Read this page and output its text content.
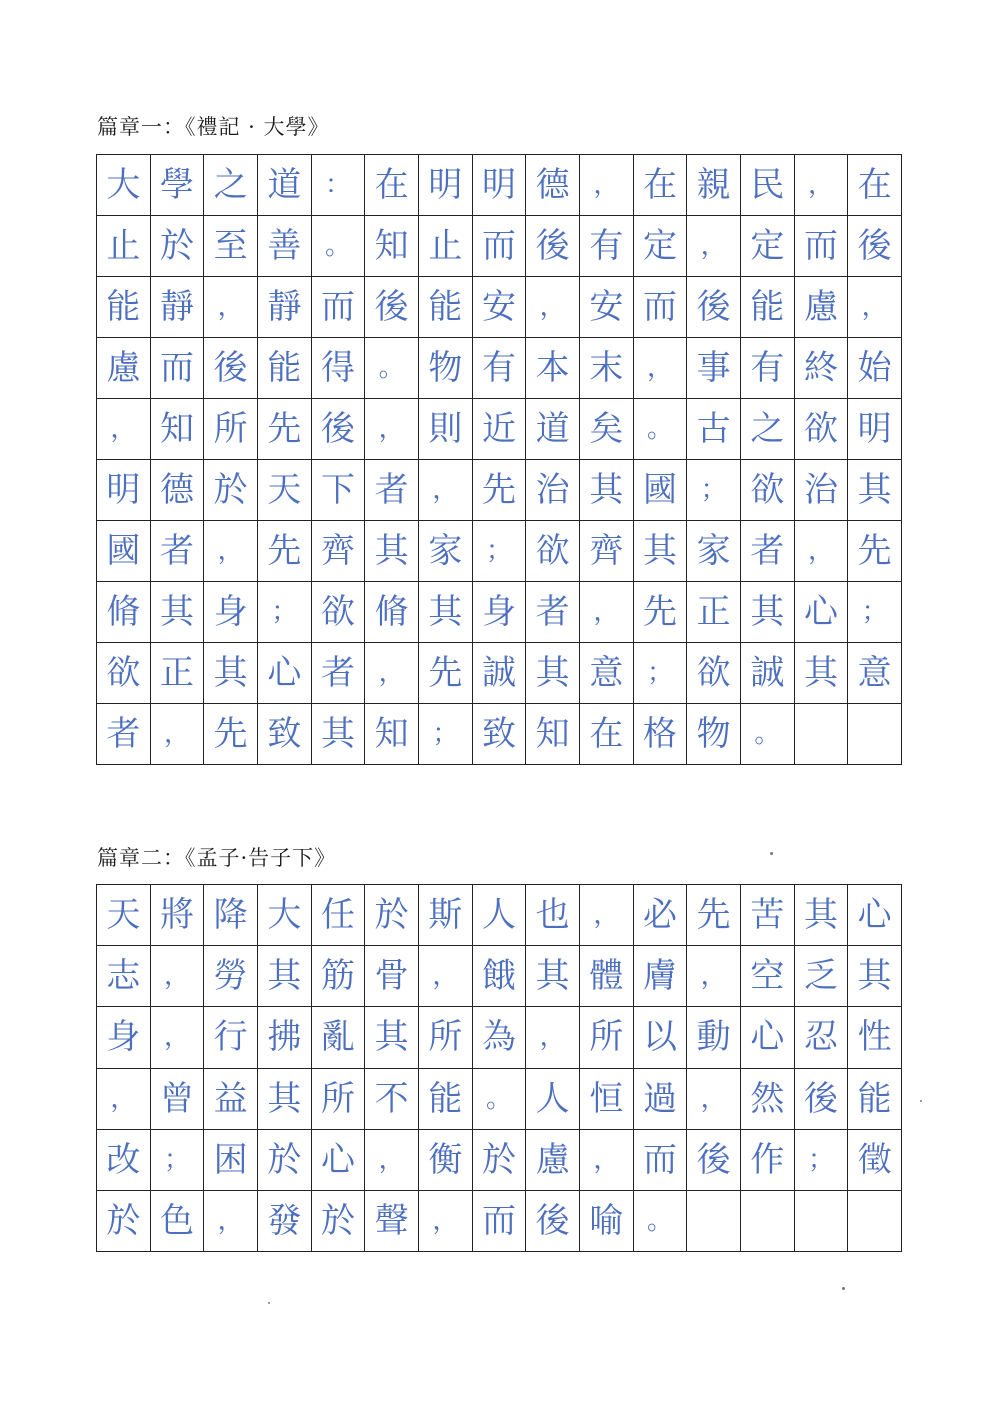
篇章一：《禮記 · 大學》
大 學 之 道 ： 在 明 明 德 ， 在 親 民 ， 在
止 於 至 善 。 知 止 而 後 有 定 ， 定 而 後
能 靜 ， 靜 而 後 能 安 ， 安 而 後 能 慮 ，
慮 而 後 能 得 。 物 有 本 末 ， 事 有 終 始
， 知 所 先 後 ， 則 近 道 矣 。 古 之 欲 明
明 德 於 天 下 者 ， 先 治 其 國 ； 欲 治 其
國 者 ， 先 齊 其 家 ； 欲 齊 其 家 者 ， 先
脩 其 身 ； 欲 脩 其 身 者 ， 先 正 其 心 ；
欲 正 其 心 者 ， 先 誠 其 意 ； 欲 誠 其 意
者 ， 先 致 其 知 ； 致 知 在 格 物 。
篇章二：《孟子·告子下》
天 將 降 大 任 於 斯 人 也 ， 必 先 苦 其 心
志 ， 勞 其 筋 骨 ， 餓 其 體 膚 ， 空 乏 其
身 ， 行 拂 亂 其 所 為 ， 所 以 動 心 忍 性
， 曾 益 其 所 不 能 。 人 恒 過 ， 然 後 能
改 ； 困 於 心 ， 衡 於 慮 ， 而 後 作 ； 徵
於 色 ， 發 於 聲 ， 而 後 喻 。
